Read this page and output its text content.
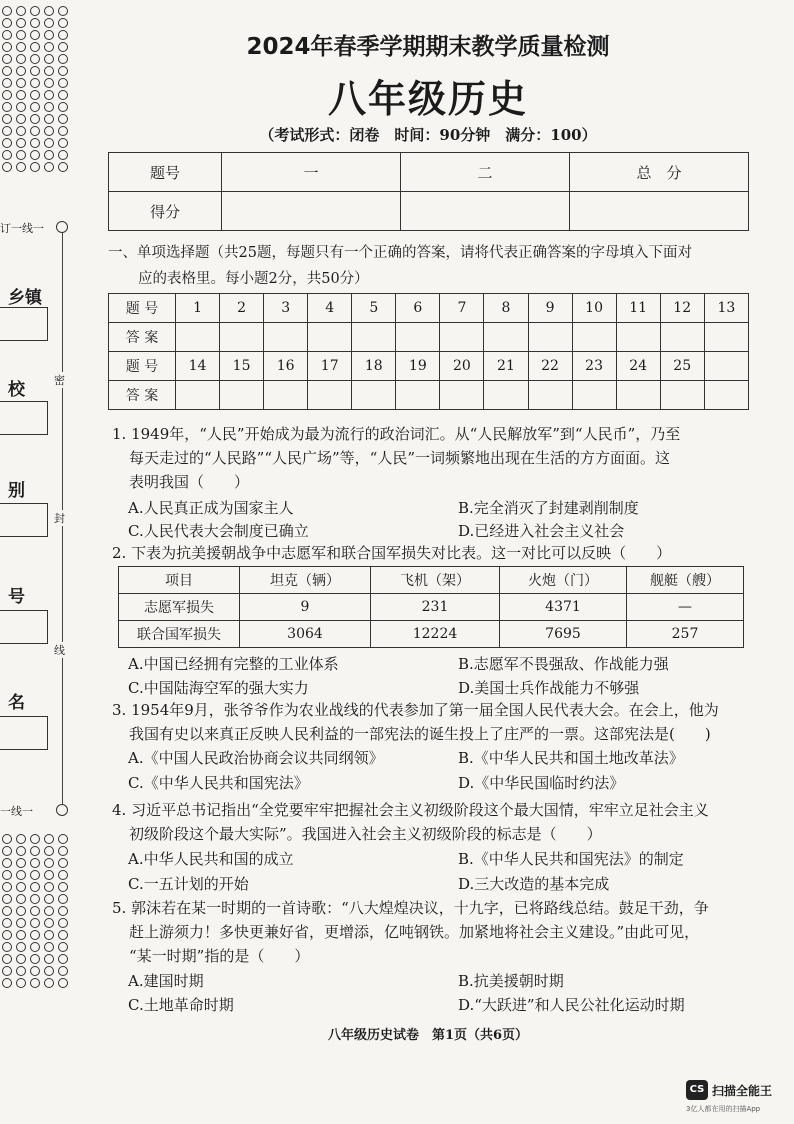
订一线一
密
封
线
一线一
乡镇
校
别
号
名
2024年春季学期期末教学质量检测
八年级历史
（考试形式：闭卷　时间：90分钟　满分：100）
题号	一	二	总　分
得分			
一、单项选择题（共25题，每题只有一个正确的答案，请将代表正确答案的字母填入下面对
应的表格里。每小题2分，共50分）
题 号	1	2	3	4	5	6	7	8	9	10	11	12	13
答 案													
题 号	14	15	16	17	18	19	20	21	22	23	24	25	
答 案													
1. 1949年，“人民”开始成为最为流行的政治词汇。从“人民解放军”到“人民币”，乃至
每天走过的“人民路”“人民广场”等，“人民”一词频繁地出现在生活的方方面面。这
表明我国（　　）
A.人民真正成为国家主人	B.完全消灭了封建剥削制度
C.人民代表大会制度已确立	D.已经进入社会主义社会
2. 下表为抗美援朝战争中志愿军和联合国军损失对比表。这一对比可以反映（　　）
项目	坦克（辆）	飞机（架）	火炮（门）	舰艇（艘）
志愿军损失	9	231	4371	—
联合国军损失	3064	12224	7695	257
A.中国已经拥有完整的工业体系	B.志愿军不畏强敌、作战能力强
C.中国陆海空军的强大实力	D.美国士兵作战能力不够强
3. 1954年9月，张爷爷作为农业战线的代表参加了第一届全国人民代表大会。在会上，他为
我国有史以来真正反映人民利益的一部宪法的诞生投上了庄严的一票。这部宪法是(　　)
A.《中国人民政治协商会议共同纲领》	B.《中华人民共和国土地改革法》
C.《中华人民共和国宪法》	D.《中华民国临时约法》
4. 习近平总书记指出“全党要牢牢把握社会主义初级阶段这个最大国情，牢牢立足社会主义
初级阶段这个最大实际”。我国进入社会主义初级阶段的标志是（　　）
A.中华人民共和国的成立	B.《中华人民共和国宪法》的制定
C.一五计划的开始	D.三大改造的基本完成
5. 郭沫若在某一时期的一首诗歌：“八大煌煌决议，十九字，已将路线总结。鼓足干劲，争
赶上游须力！多快更兼好省，更增添，亿吨钢铁。加紧地将社会主义建设。”由此可见，
“某一时期”指的是（　　）
A.建国时期	B.抗美援朝时期
C.土地革命时期	D.“大跃进”和人民公社化运动时期
八年级历史试卷　第1页（共6页）
CS 扫描全能王
3亿人都在用的扫描App
